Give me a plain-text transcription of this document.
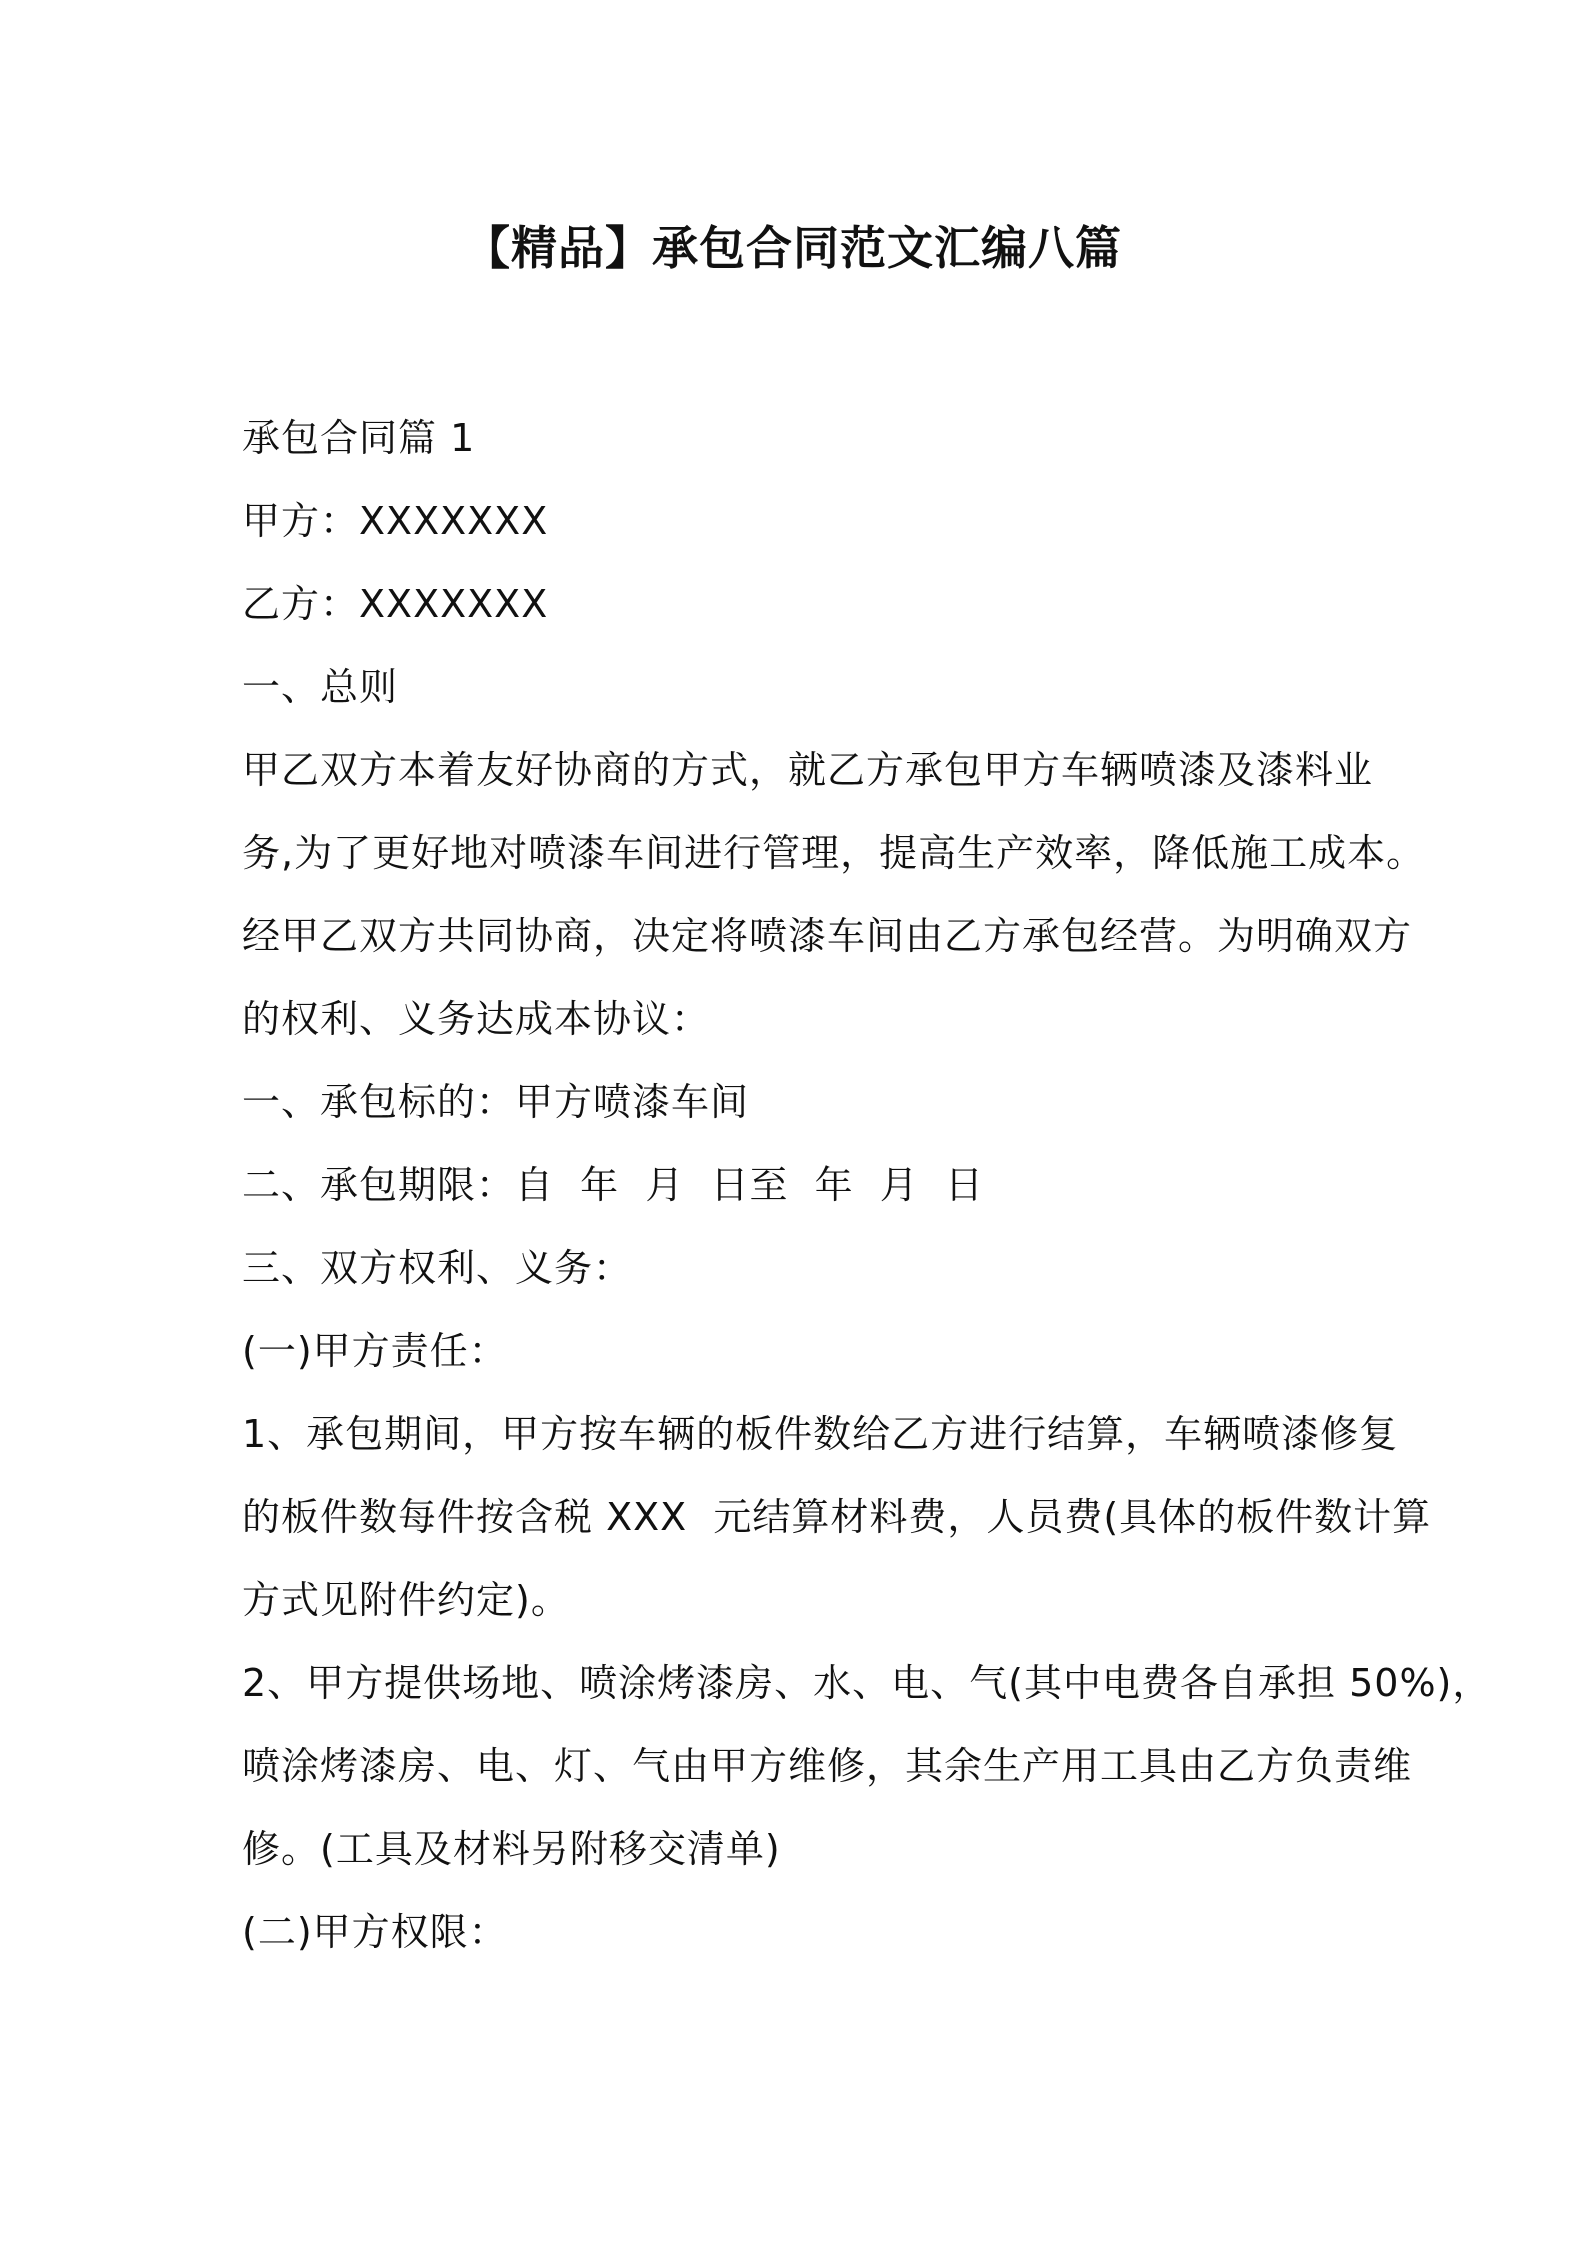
【精品】承包合同范文汇编八篇
承包合同篇 1
甲方：XXXXXXX
乙方：XXXXXXX
一、总则
甲乙双方本着友好协商的方式，就乙方承包甲方车辆喷漆及漆料业
务,为了更好地对喷漆车间进行管理，提高生产效率，降低施工成本。
经甲乙双方共同协商，决定将喷漆车间由乙方承包经营。为明确双方
的权利、义务达成本协议：
一、承包标的：甲方喷漆车间
二、承包期限：自  年  月  日至  年  月  日
三、双方权利、义务：
(一)甲方责任：
1、承包期间，甲方按车辆的板件数给乙方进行结算，车辆喷漆修复
的板件数每件按含税 XXX  元结算材料费，人员费(具体的板件数计算
方式见附件约定)。
2、甲方提供场地、喷涂烤漆房、水、电、气(其中电费各自承担 50%)，
喷涂烤漆房、电、灯、气由甲方维修，其余生产用工具由乙方负责维
修。(工具及材料另附移交清单)
(二)甲方权限：
